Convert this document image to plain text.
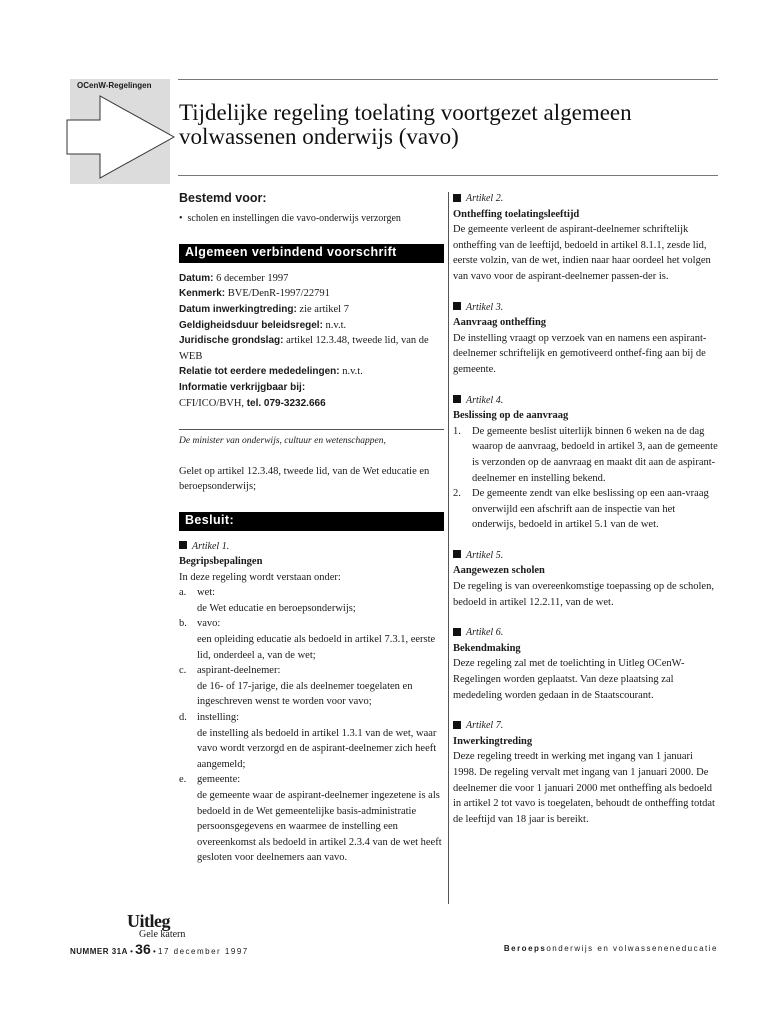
OCenW-Regelingen
Tijdelijke regeling toelating voortgezet algemeen volwassenen onderwijs (vavo)
Bestemd voor:
•  scholen en instellingen die vavo-onderwijs verzorgen
Algemeen verbindend voorschrift
Datum: 6 december 1997
Kenmerk: BVE/DenR-1997/22791
Datum inwerkingtreding: zie artikel 7
Geldigheidsduur beleidsregel: n.v.t.
Juridische grondslag: artikel 12.3.48, tweede lid, van de WEB
Relatie tot eerdere mededelingen: n.v.t.
Informatie verkrijgbaar bij:
CFI/ICO/BVH, tel. 079-3232.666
De minister van onderwijs, cultuur en wetenschappen,
Gelet op artikel 12.3.48, tweede lid, van de Wet educatie en beroepsonderwijs;
Besluit:
Artikel 1.
Begripsbepalingen
In deze regeling wordt verstaan onder:
a.	wet:
de Wet educatie en beroepsonderwijs;
b. vavo:
een opleiding educatie als bedoeld in artikel 7.3.1, eerste lid, onderdeel a, van de wet;
c.	aspirant-deelnemer:
de 16- of 17-jarige, die als deelnemer toegelaten en ingeschreven wenst te worden voor vavo;
d. instelling:
de instelling als bedoeld in artikel 1.3.1 van de wet, waar vavo wordt verzorgd en de aspirant-deelnemer zich heeft aangemeld;
e.	gemeente:
de gemeente waar de aspirant-deelnemer ingezetene is als bedoeld in de Wet gemeentelijke basis-administratie persoonsgegevens en waarmee de instelling een overeenkomst als bedoeld in artikel 2.3.4 van de wet heeft gesloten voor deelnemers aan vavo.
Artikel 2.
Ontheffing toelatingsleeftijd
De gemeente verleent de aspirant-deelnemer schriftelijk ontheffing van de leeftijd, bedoeld in artikel 8.1.1, zesde lid, eerste volzin, van de wet, indien naar haar oordeel het volgen van vavo voor de aspirant-deelnemer passen-der is.
Artikel 3.
Aanvraag ontheffing
De instelling vraagt op verzoek van en namens een aspirant-deelnemer schriftelijk en gemotiveerd onthef-fing aan bij de gemeente.
Artikel 4.
Beslissing op de aanvraag
1.	De gemeente beslist uiterlijk binnen 6 weken na de dag waarop de aanvraag, bedoeld in artikel 3, aan de gemeente is verzonden op de aanvraag en maakt dit aan de aspirant-deelnemer en instelling bekend.
2.	De gemeente zendt van elke beslissing op een aan-vraag onverwijld een afschrift aan de inspectie van het onderwijs, bedoeld in artikel 5.1 van de wet.
Artikel 5.
Aangewezen scholen
De regeling is van overeenkomstige toepassing op de scholen, bedoeld in artikel 12.2.11, van de wet.
Artikel 6.
Bekendmaking
Deze regeling zal met de toelichting in Uitleg OCenW-Regelingen worden geplaatst. Van deze plaatsing zal mededeling worden gedaan in de Staatscourant.
Artikel 7.
Inwerkingtreding
Deze regeling treedt in werking met ingang van 1 januari 1998. De regeling vervalt met ingang van 1 januari 2000. De deelnemer die voor 1 januari 2000 met ontheffing als bedoeld in artikel 2 tot vavo is toegelaten, behoudt de ontheffing totdat de leeftijd van 18 jaar is bereikt.
Uitleg
Gele katern
NUMMER 31A • 36 • 17 december 1997	Beroepsonderwijs en volwasseneneducatie
